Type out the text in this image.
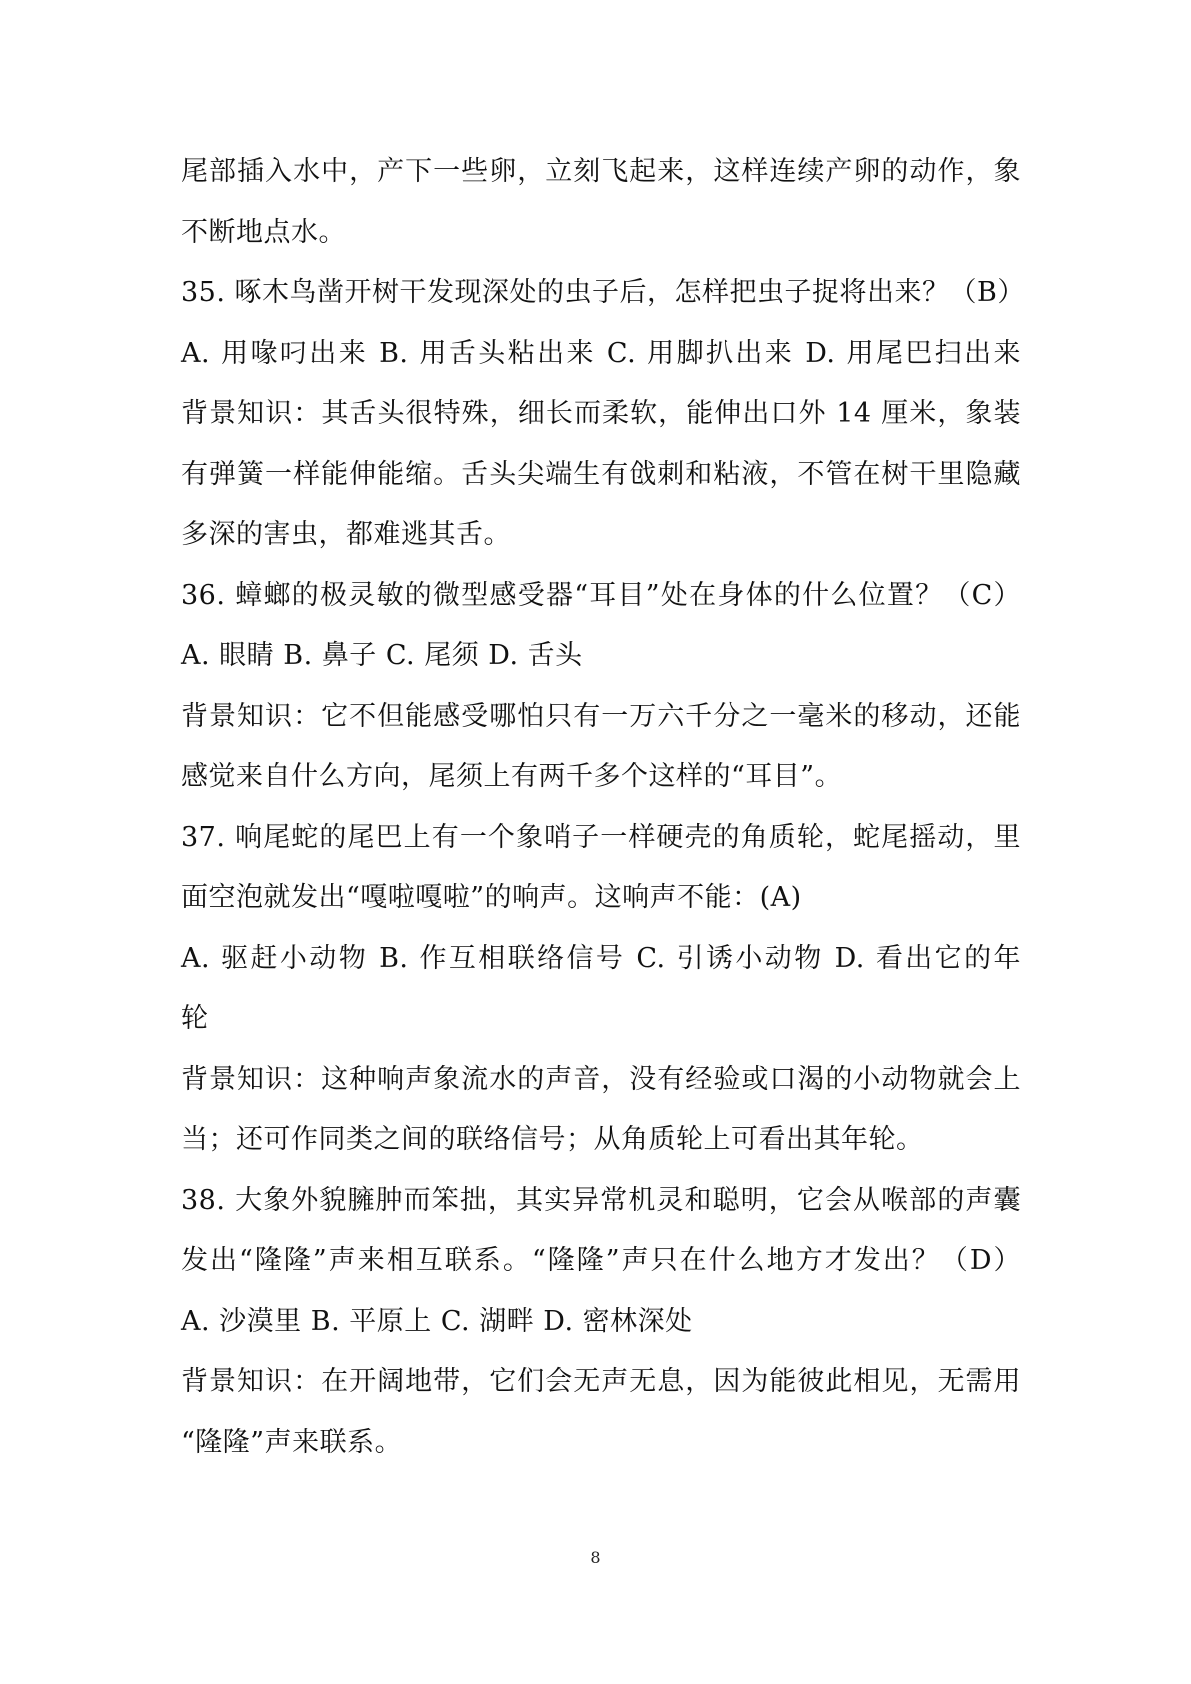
尾部插入水中，产下一些卵，立刻飞起来，这样连续产卵的动作，象
不断地点水。
35. 啄木鸟凿开树干发现深处的虫子后，怎样把虫子捉将出来？（B）
A. 用喙叼出来 B. 用舌头粘出来 C. 用脚扒出来 D. 用尾巴扫出来
背景知识：其舌头很特殊，细长而柔软，能伸出口外 14 厘米，象装
有弹簧一样能伸能缩。舌头尖端生有戗刺和粘液，不管在树干里隐藏
多深的害虫，都难逃其舌。
36. 蟑螂的极灵敏的微型感受器“耳目”处在身体的什么位置？（C）
A. 眼睛 B. 鼻子 C. 尾须 D. 舌头
背景知识：它不但能感受哪怕只有一万六千分之一毫米的移动，还能
感觉来自什么方向，尾须上有两千多个这样的“耳目”。
37. 响尾蛇的尾巴上有一个象哨子一样硬壳的角质轮，蛇尾摇动，里
面空泡就发出“嘎啦嘎啦”的响声。这响声不能：(A)
A. 驱赶小动物 B. 作互相联络信号 C. 引诱小动物 D. 看出它的年
轮
背景知识：这种响声象流水的声音，没有经验或口渴的小动物就会上
当；还可作同类之间的联络信号；从角质轮上可看出其年轮。
38. 大象外貌臃肿而笨拙，其实异常机灵和聪明，它会从喉部的声囊
发出“隆隆”声来相互联系。“隆隆”声只在什么地方才发出？（D）
A. 沙漠里 B. 平原上 C. 湖畔 D. 密林深处
背景知识：在开阔地带，它们会无声无息，因为能彼此相见，无需用
“隆隆”声来联系。
8
